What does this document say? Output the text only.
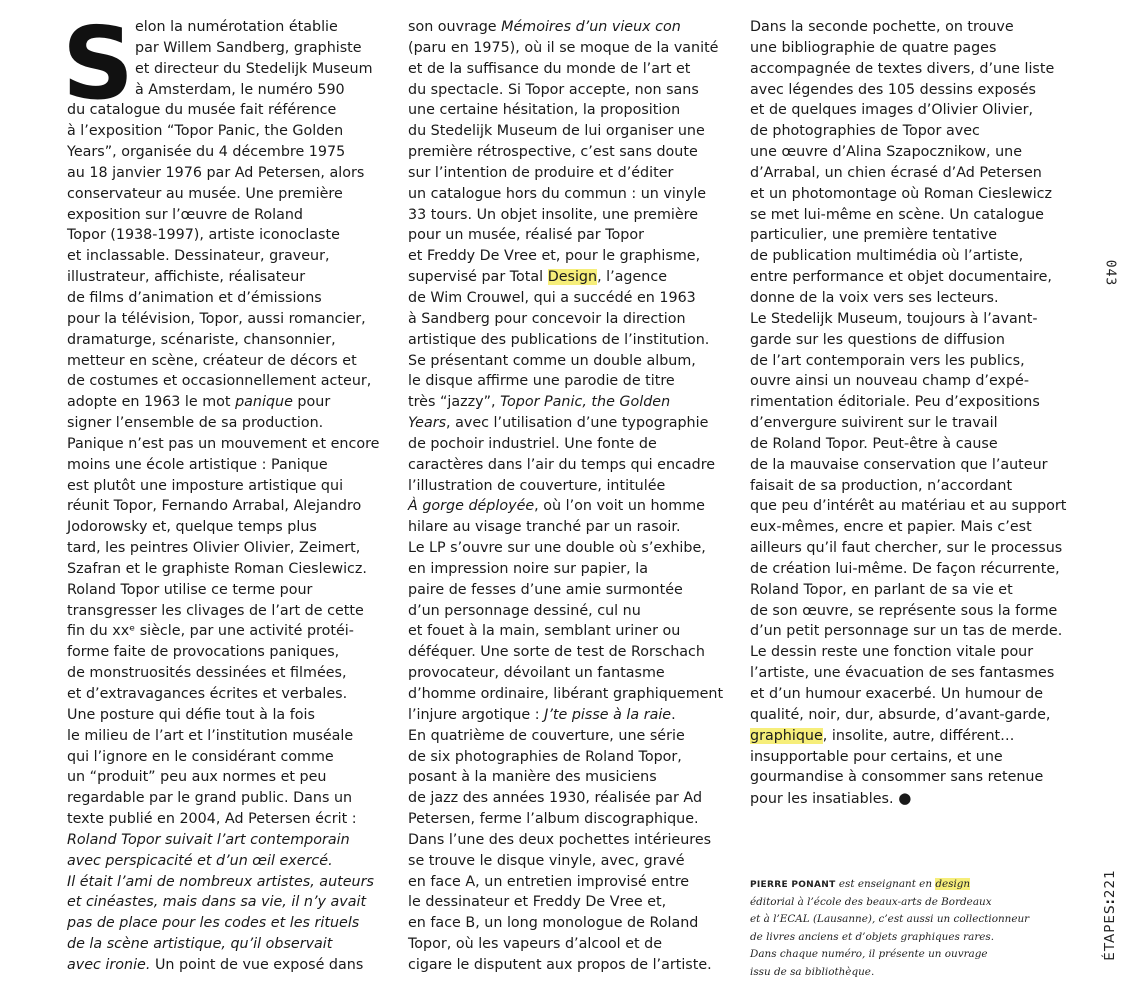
S elon la numérotation établie
par Willem Sandberg, graphiste
et directeur du Stedelijk Museum
à Amsterdam, le numéro 590
du catalogue du musée fait référence
à l’exposition “Topor Panic, the Golden
Years”, organisée du 4 décembre 1975
au 18 janvier 1976 par Ad Petersen, alors
conservateur au musée. Une première
exposition sur l’œuvre de Roland
Topor (1938-1997), artiste iconoclaste
et inclassable. Dessinateur, graveur,
illustrateur, affichiste, réalisateur
de films d’animation et d’émissions
pour la télévision, Topor, aussi romancier,
dramaturge, scénariste, chansonnier,
metteur en scène, créateur de décors et
de costumes et occasionnellement acteur,
adopte en 1963 le mot panique pour
signer l’ensemble de sa production.
Panique n’est pas un mouvement et encore
moins une école artistique : Panique
est plutôt une imposture artistique qui
réunit Topor, Fernando Arrabal, Alejandro
Jodorowsky et, quelque temps plus
tard, les peintres Olivier Olivier, Zeimert,
Szafran et le graphiste Roman Cieslewicz.
Roland Topor utilise ce terme pour
transgresser les clivages de l’art de cette
fin du xxᵉ siècle, par une activité protéi-
forme faite de provocations paniques,
de monstruosités dessinées et filmées,
et d’extravagances écrites et verbales.
Une posture qui défie tout à la fois
le milieu de l’art et l’institution muséale
qui l’ignore en le considérant comme
un “produit” peu aux normes et peu
regardable par le grand public. Dans un
texte publié en 2004, Ad Petersen écrit :
Roland Topor suivait l’art contemporain
avec perspicacité et d’un œil exercé.
Il était l’ami de nombreux artistes, auteurs
et cinéastes, mais dans sa vie, il n’y avait
pas de place pour les codes et les rituels
de la scène artistique, qu’il observait
avec ironie. Un point de vue exposé dans
son ouvrage Mémoires d’un vieux con
(paru en 1975), où il se moque de la vanité
et de la suffisance du monde de l’art et
du spectacle. Si Topor accepte, non sans
une certaine hésitation, la proposition
du Stedelijk Museum de lui organiser une
première rétrospective, c’est sans doute
sur l’intention de produire et d’éditer
un catalogue hors du commun : un vinyle
33 tours. Un objet insolite, une première
pour un musée, réalisé par Topor
et Freddy De Vree et, pour le graphisme,
supervisé par Total Design, l’agence
de Wim Crouwel, qui a succédé en 1963
à Sandberg pour concevoir la direction
artistique des publications de l’institution.
Se présentant comme un double album,
le disque affirme une parodie de titre
très “jazzy”, Topor Panic, the Golden
Years, avec l’utilisation d’une typographie
de pochoir industriel. Une fonte de
caractères dans l’air du temps qui encadre
l’illustration de couverture, intitulée
À gorge déployée, où l’on voit un homme
hilare au visage tranché par un rasoir.
Le LP s’ouvre sur une double où s’exhibe,
en impression noire sur papier, la
paire de fesses d’une amie surmontée
d’un personnage dessiné, cul nu
et fouet à la main, semblant uriner ou
déféquer. Une sorte de test de Rorschach
provocateur, dévoilant un fantasme
d’homme ordinaire, libérant graphiquement
l’injure argotique : J’te pisse à la raie.
En quatrième de couverture, une série
de six photographies de Roland Topor,
posant à la manière des musiciens
de jazz des années 1930, réalisée par Ad
Petersen, ferme l’album discographique.
Dans l’une des deux pochettes intérieures
se trouve le disque vinyle, avec, gravé
en face A, un entretien improvisé entre
le dessinateur et Freddy De Vree et,
en face B, un long monologue de Roland
Topor, où les vapeurs d’alcool et de
cigare le disputent aux propos de l’artiste.
Dans la seconde pochette, on trouve
une bibliographie de quatre pages
accompagnée de textes divers, d’une liste
avec légendes des 105 dessins exposés
et de quelques images d’Olivier Olivier,
de photographies de Topor avec
une œuvre d’Alina Szapocznikow, une
d’Arrabal, un chien écrasé d’Ad Petersen
et un photomontage où Roman Cieslewicz
se met lui-même en scène. Un catalogue
particulier, une première tentative
de publication multimédia où l’artiste,
entre performance et objet documentaire,
donne de la voix vers ses lecteurs.
Le Stedelijk Museum, toujours à l’avant-
garde sur les questions de diffusion
de l’art contemporain vers les publics,
ouvre ainsi un nouveau champ d’expé-
rimentation éditoriale. Peu d’expositions
d’envergure suivirent sur le travail
de Roland Topor. Peut-être à cause
de la mauvaise conservation que l’auteur
faisait de sa production, n’accordant
que peu d’intérêt au matériau et au support
eux-mêmes, encre et papier. Mais c’est
ailleurs qu’il faut chercher, sur le processus
de création lui-même. De façon récurrente,
Roland Topor, en parlant de sa vie et
de son œuvre, se représente sous la forme
d’un petit personnage sur un tas de merde.
Le dessin reste une fonction vitale pour
l’artiste, une évacuation de ses fantasmes
et d’un humour exacerbé. Un humour de
qualité, noir, dur, absurde, d’avant-garde,
graphique, insolite, autre, différent…
insupportable pour certains, et une
gourmandise à consommer sans retenue
pour les insatiables. ●
PIERRE PONANT est enseignant en design
éditorial à l’école des beaux-arts de Bordeaux
et à l’ECAL (Lausanne), c’est aussi un collectionneur
de livres anciens et d’objets graphiques rares.
Dans chaque numéro, il présente un ouvrage
issu de sa bibliothèque.
043
ÉTAPES:221
